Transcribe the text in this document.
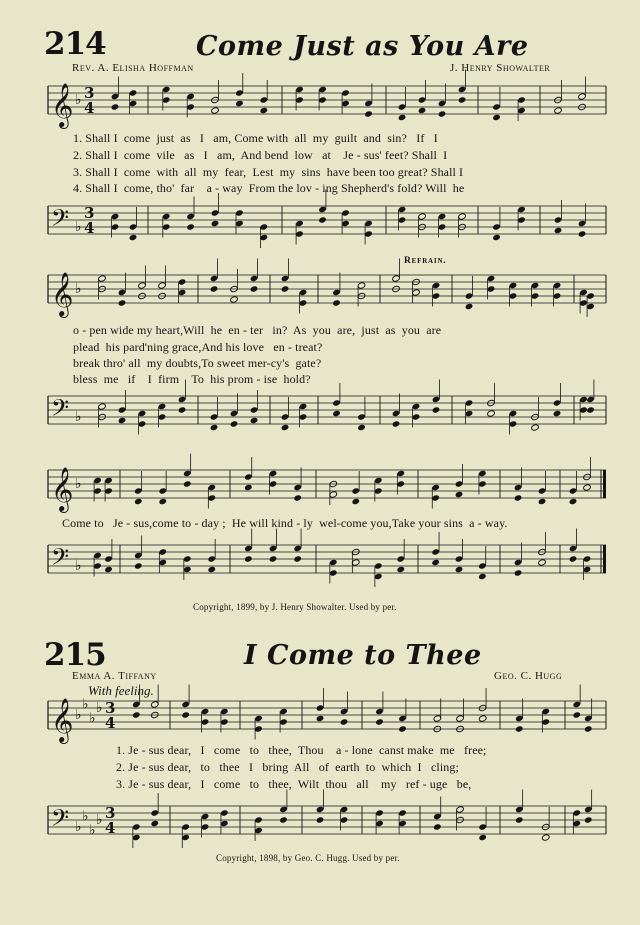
214	Come Just as You Are
Rev. A. Elisha Hoffman	J. Henry Showalter
𝄞 ♭ 3
4
1. Shall I  come  just  as   I   am, Come with  all  my  guilt  and  sin?   If   I
2. Shall I  come  vile   as   I   am,  And bend  low   at    Je - sus' feet? Shall  I
3. Shall I  come  with  all  my  fear,  Lest  my  sins  have been too great? Shall I
4. Shall I  come, tho'  far    a - way  From the lov - ing Shepherd's fold? Will  he
𝄢 ♭
3
4
Refrain.
𝄞 ♭
o - pen wide my heart,Will  he  en - ter   in?  As  you  are,  just  as  you  are
plead  his pard'ning grace,And his love   en - treat?
break thro' all  my doubts,To sweet mer-cy's  gate?
bless  me   if    I  firm    To  his prom - ise  hold?
𝄢 ♭
𝄞 ♭
Come to   Je - sus,come to - day ;  He will kind - ly  wel-come you,Take your sins  a - way.
𝄢 ♭
Copyright, 1899, by J. Henry Showalter. Used by per.
215	I Come to Thee
Emma A. Tiffany	Geo. C. Hugg
With feeling.
𝄞 ♭
♭
♭
♭ 3
4
1. Je - sus dear,   I   come   to   thee,  Thou    a - lone  canst make  me   free;
2. Je - sus dear,   to   thee   I   bring  All   of  earth  to  which  I   cling;
3. Je - sus dear,   I   come   to   thee,  Wilt  thou   all    my   ref - uge   be,
𝄢 ♭
♭
♭
♭ 3
4
Copyright, 1898, by Geo. C. Hugg. Used by per.
